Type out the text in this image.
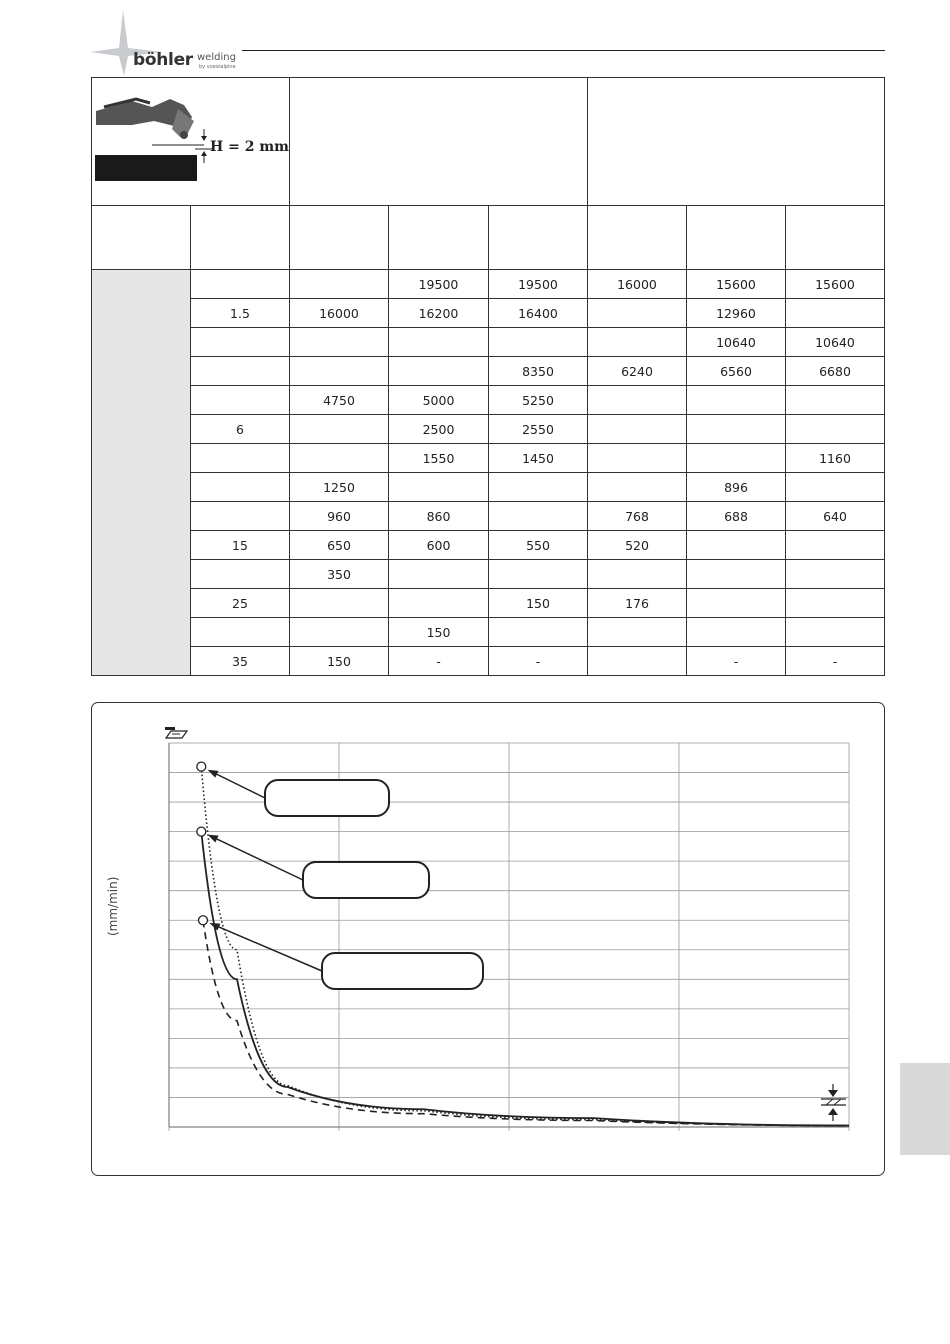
böhler welding
by voestalpine
H = 2 mm							

			19500	19500	16000	15600	15600
	1.5	16000	16200	16400		12960	
						10640	10640
				8350	6240	6560	6680
		4750	5000	5250			
	6		2500	2550			
			1550	1450			1160
		1250				896	
		960	860		768	688	640
	15	650	600	550	520		
		350					
	25			150	176		
			150				
	35	150	-	-		-	-
(mm/min)
